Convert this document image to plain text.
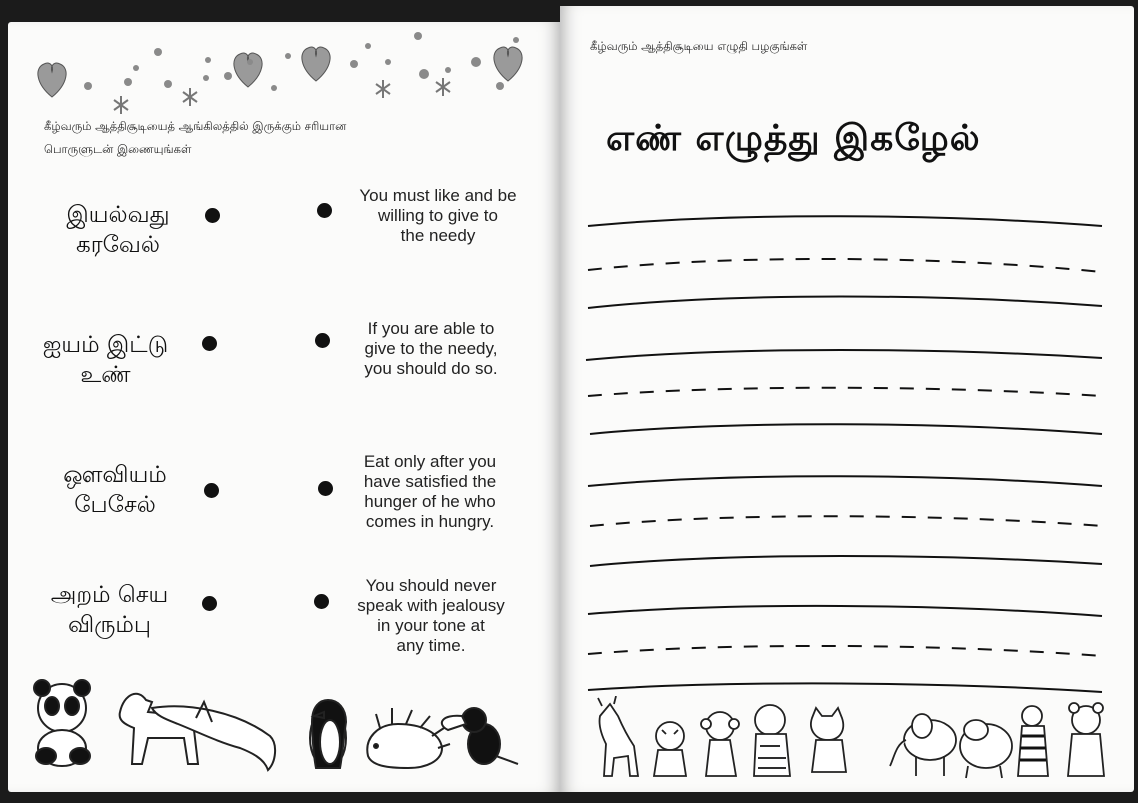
கீழ்வரும் ஆத்திசூடியைத் ஆங்கிலத்தில் இருக்கும் சரியான
பொருளுடன் இணையுங்கள்
இயல்வது
கரவேல்
You must like and be
willing to give to
the needy
ஐயம் இட்டு
உண்
If you are able to
give to the needy,
you should do so.
ஔவியம்
பேசேல்
Eat only after you
have satisfied the
hunger of he who
comes in hungry.
அறம் செய
விரும்பு
You should never
speak with jealousy
in your tone at
any time.
கீழ்வரும் ஆத்திசூடியை எழுதி பழகுங்கள்
எண் எழுத்து இகழேல்
